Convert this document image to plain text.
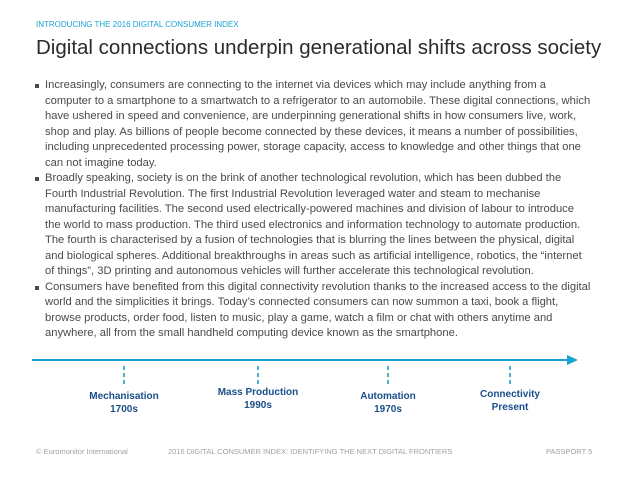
INTRODUCING THE 2016 DIGITAL CONSUMER INDEX
Digital connections underpin generational shifts across society

Increasingly, consumers are connecting to the internet via devices which may include anything from a computer to a smartphone to a smartwatch to a refrigerator to an automobile. These digital connections, which have ushered in speed and convenience, are underpinning generational shifts in how consumers live, work, shop and play. As billions of people become connected by these devices, it means a number of possibilities, including unprecedented processing power, storage capacity, access to knowledge and other things that one can not imagine today.

Broadly speaking, society is on the brink of another technological revolution, which has been dubbed the Fourth Industrial Revolution. The first Industrial Revolution leveraged water and steam to mechanise manufacturing facilities. The second used electrically-powered machines and division of labour to introduce the world to mass production. The third used electronics and information technology to automate production. The fourth is characterised by a fusion of technologies that is blurring the lines between the physical, digital and biological spheres. Additional breakthroughs in areas such as artificial intelligence, robotics, the “internet of things”, 3D printing and autonomous vehicles will further accelerate this technological revolution.

Consumers have benefited from this digital connectivity revolution thanks to the increased access to the digital world and the simplicities it brings. Today’s connected consumers can now summon a taxi, book a flight, browse products, order food, listen to music, play a game, watch a film or chat with others anytime and anywhere, all from the small handheld computing device known as the smartphone.

Mechanisation
1700s
Mass Production
1990s
Automation
1970s
Connectivity
Present
© Euromonitor International	2016 DIGITAL CONSUMER INDEX: IDENTIFYING THE NEXT DIGITAL FRONTIERS	PASSPORT 5
